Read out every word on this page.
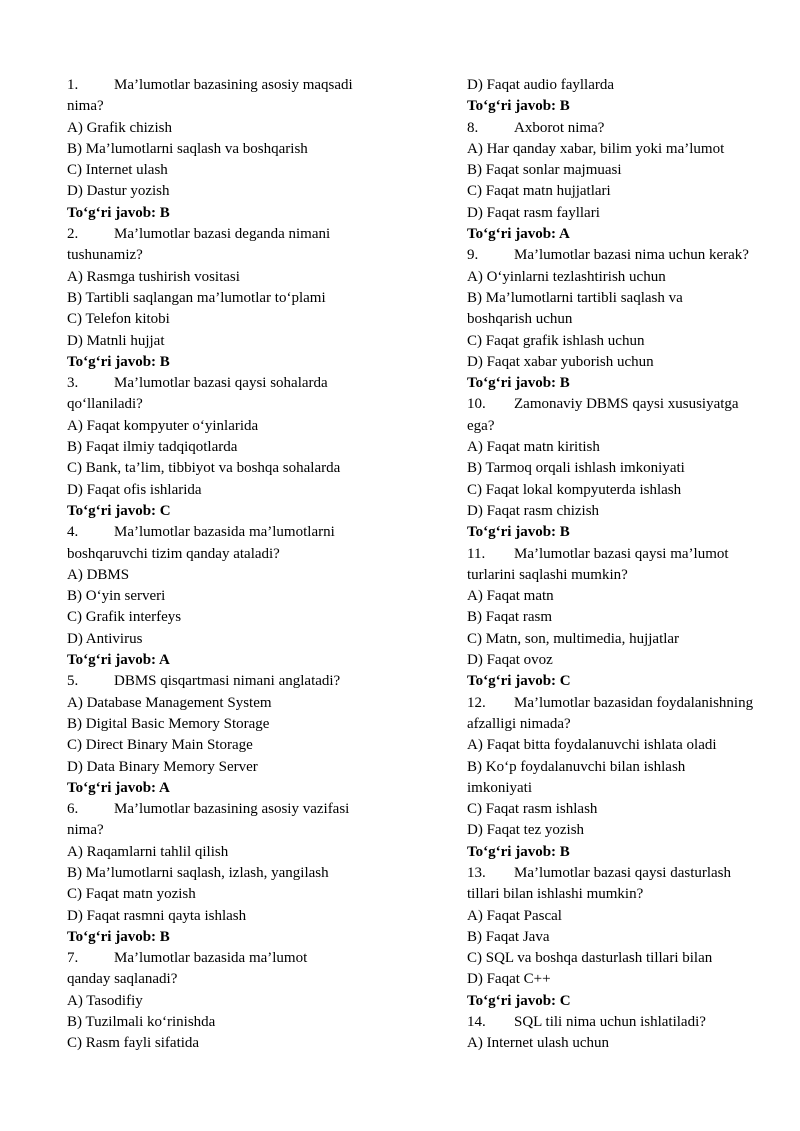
1. Ma’lumotlar bazasining asosiy maqsadi
nima?
A) Grafik chizish
B) Ma’lumotlarni saqlash va boshqarish
C) Internet ulash
D) Dastur yozish
To‘g‘ri javob: B
2. Ma’lumotlar bazasi deganda nimani
tushunamiz?
A) Rasmga tushirish vositasi
B) Tartibli saqlangan ma’lumotlar to‘plami
C) Telefon kitobi
D) Matnli hujjat
To‘g‘ri javob: B
3. Ma’lumotlar bazasi qaysi sohalarda
qo‘llaniladi?
A) Faqat kompyuter o‘yinlarida
B) Faqat ilmiy tadqiqotlarda
C) Bank, ta’lim, tibbiyot va boshqa sohalarda
D) Faqat ofis ishlarida
To‘g‘ri javob: C
4. Ma’lumotlar bazasida ma’lumotlarni
boshqaruvchi tizim qanday ataladi?
A) DBMS
B) O‘yin serveri
C) Grafik interfeys
D) Antivirus
To‘g‘ri javob: A
5. DBMS qisqartmasi nimani anglatadi?
A) Database Management System
B) Digital Basic Memory Storage
C) Direct Binary Main Storage
D) Data Binary Memory Server
To‘g‘ri javob: A
6. Ma’lumotlar bazasining asosiy vazifasi
nima?
A) Raqamlarni tahlil qilish
B) Ma’lumotlarni saqlash, izlash, yangilash
C) Faqat matn yozish
D) Faqat rasmni qayta ishlash
To‘g‘ri javob: B
7. Ma’lumotlar bazasida ma’lumot
qanday saqlanadi?
A) Tasodifiy
B) Tuzilmali ko‘rinishda
C) Rasm fayli sifatida
D) Faqat audio fayllarda
To‘g‘ri javob: B
8. Axborot nima?
A) Har qanday xabar, bilim yoki ma’lumot
B) Faqat sonlar majmuasi
C) Faqat matn hujjatlari
D) Faqat rasm fayllari
To‘g‘ri javob: A
9. Ma’lumotlar bazasi nima uchun kerak?
A) O‘yinlarni tezlashtirish uchun
B) Ma’lumotlarni tartibli saqlash va
boshqarish uchun
C) Faqat grafik ishlash uchun
D) Faqat xabar yuborish uchun
To‘g‘ri javob: B
10. Zamonaviy DBMS qaysi xususiyatga
ega?
A) Faqat matn kiritish
B) Tarmoq orqali ishlash imkoniyati
C) Faqat lokal kompyuterda ishlash
D) Faqat rasm chizish
To‘g‘ri javob: B
11. Ma’lumotlar bazasi qaysi ma’lumot
turlarini saqlashi mumkin?
A) Faqat matn
B) Faqat rasm
C) Matn, son, multimedia, hujjatlar
D) Faqat ovoz
To‘g‘ri javob: C
12. Ma’lumotlar bazasidan foydalanishning
afzalligi nimada?
A) Faqat bitta foydalanuvchi ishlata oladi
B) Ko‘p foydalanuvchi bilan ishlash
imkoniyati
C) Faqat rasm ishlash
D) Faqat tez yozish
To‘g‘ri javob: B
13. Ma’lumotlar bazasi qaysi dasturlash
tillari bilan ishlashi mumkin?
A) Faqat Pascal
B) Faqat Java
C) SQL va boshqa dasturlash tillari bilan
D) Faqat C++
To‘g‘ri javob: C
14. SQL tili nima uchun ishlatiladi?
A) Internet ulash uchun
